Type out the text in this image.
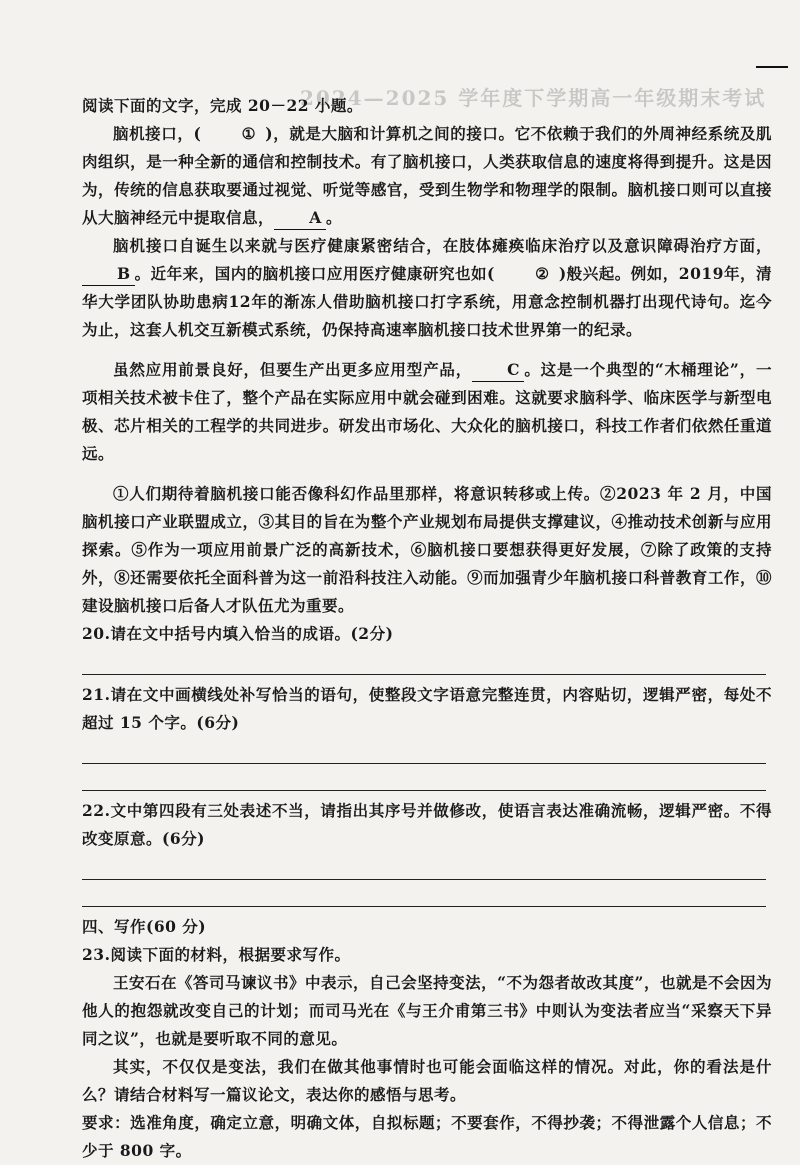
2024—2025 学年度下学期高一年级期末考试

阅读下面的文字，完成 20－22 小题。

脑机接口，(	① )，就是大脑和计算机之间的接口。它不依赖于我们的外周神经系统及肌肉组织，是一种全新的通信和控制技术。有了脑机接口，人类获取信息的速度将得到提升。这是因为，传统的信息获取要通过视觉、听觉等感官，受到生物学和物理学的限制。脑机接口则可以直接从大脑神经元中提取信息， A 。

脑机接口自诞生以来就与医疗健康紧密结合，在肢体瘫痪临床治疗以及意识障碍治疗方面，B 。近年来，国内的脑机接口应用医疗健康研究也如(	② )般兴起。例如，2019年，清华大学团队协助患病12年的渐冻人借助脑机接口打字系统，用意念控制机器打出现代诗句。迄今为止，这套人机交互新模式系统，仍保持高速率脑机接口技术世界第一的纪录。

虽然应用前景良好，但要生产出更多应用型产品， C 。这是一个典型的“木桶理论”，一项相关技术被卡住了，整个产品在实际应用中就会碰到困难。这就要求脑科学、临床医学与新型电极、芯片相关的工程学的共同进步。研发出市场化、大众化的脑机接口，科技工作者们依然任重道远。

①人们期待着脑机接口能否像科幻作品里那样，将意识转移或上传。②2023 年 2 月，中国脑机接口产业联盟成立，③其目的旨在为整个产业规划布局提供支撑建议，④推动技术创新与应用探索。⑤作为一项应用前景广泛的高新技术，⑥脑机接口要想获得更好发展，⑦除了政策的支持外，⑧还需要依托全面科普为这一前沿科技注入动能。⑨而加强青少年脑机接口科普教育工作，⑩建设脑机接口后备人才队伍尤为重要。

20.请在文中括号内填入恰当的成语。(2分)

21.请在文中画横线处补写恰当的语句，使整段文字语意完整连贯，内容贴切，逻辑严密，每处不超过 15 个字。(6分)

22.文中第四段有三处表述不当，请指出其序号并做修改，使语言表达准确流畅，逻辑严密。不得改变原意。(6分)

四、写作(60 分)

23.阅读下面的材料，根据要求写作。

王安石在《答司马谏议书》中表示，自己会坚持变法，“不为怨者故改其度”，也就是不会因为他人的抱怨就改变自己的计划；而司马光在《与王介甫第三书》中则认为变法者应当“采察天下异同之议”，也就是要听取不同的意见。

其实，不仅仅是变法，我们在做其他事情时也可能会面临这样的情况。对此，你的看法是什么？请结合材料写一篇议论文，表达你的感悟与思考。

要求：选准角度，确定立意，明确文体，自拟标题；不要套作，不得抄袭；不得泄露个人信息；不少于 800 字。
